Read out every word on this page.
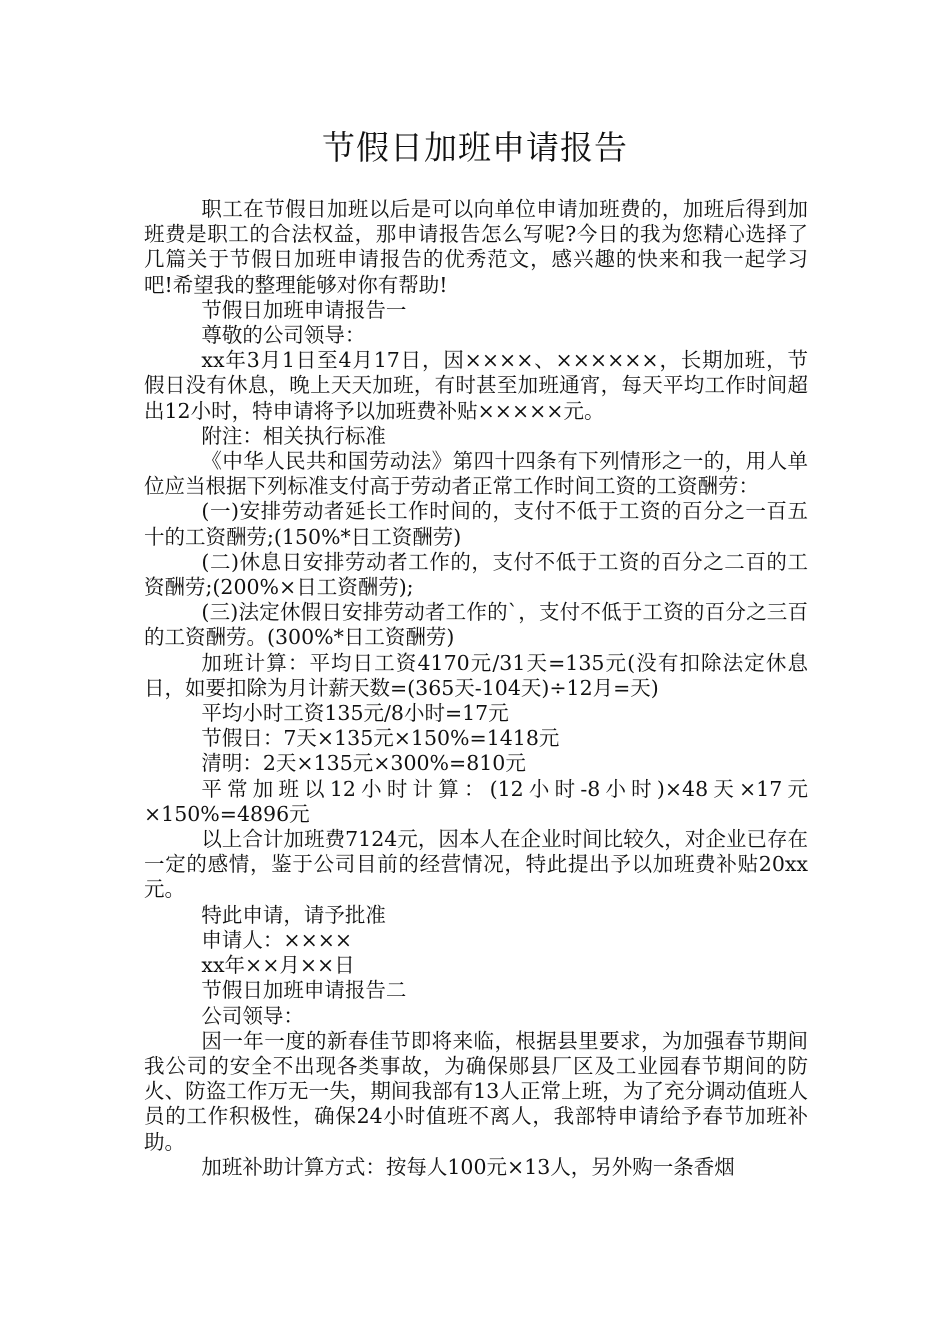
节假日加班申请报告

职工在节假日加班以后是可以向单位申请加班费的，加班后得到加班费是职工的合法权益，那申请报告怎么写呢?今日的我为您精心选择了几篇关于节假日加班申请报告的优秀范文，感兴趣的快来和我一起学习吧!希望我的整理能够对你有帮助!

节假日加班申请报告一

尊敬的公司领导：

xx年3月1日至4月17日，因××××、××××××，长期加班，节假日没有休息，晚上天天加班，有时甚至加班通宵，每天平均工作时间超出12小时，特申请将予以加班费补贴×××××元。

附注：相关执行标准

《中华人民共和国劳动法》第四十四条有下列情形之一的，用人单位应当根据下列标准支付高于劳动者正常工作时间工资的工资酬劳：

(一)安排劳动者延长工作时间的，支付不低于工资的百分之一百五十的工资酬劳;(150%*日工资酬劳)

(二)休息日安排劳动者工作的，支付不低于工资的百分之二百的工资酬劳;(200%×日工资酬劳);

(三)法定休假日安排劳动者工作的`，支付不低于工资的百分之三百的工资酬劳。(300%*日工资酬劳)

加班计算：平均日工资4170元/31天=135元(没有扣除法定休息日，如要扣除为月计薪天数=(365天-104天)÷12月=天)

平均小时工资135元/8小时=17元

节假日：7天×135元×150%=1418元

清明：2天×135元×300%=810元

平常加班以12小时计算：(12小时-8小时)×48天×17元×150%=4896元

以上合计加班费7124元，因本人在企业时间比较久，对企业已存在一定的感情，鉴于公司目前的经营情况，特此提出予以加班费补贴20xx元。

特此申请，请予批准

申请人：××××

xx年××月××日

节假日加班申请报告二

公司领导：

因一年一度的新春佳节即将来临，根据县里要求，为加强春节期间我公司的安全不出现各类事故，为确保郧县厂区及工业园春节期间的防火、防盗工作万无一失，期间我部有13人正常上班，为了充分调动值班人员的工作积极性，确保24小时值班不离人，我部特申请给予春节加班补助。

加班补助计算方式：按每人100元×13人，另外购一条香烟
